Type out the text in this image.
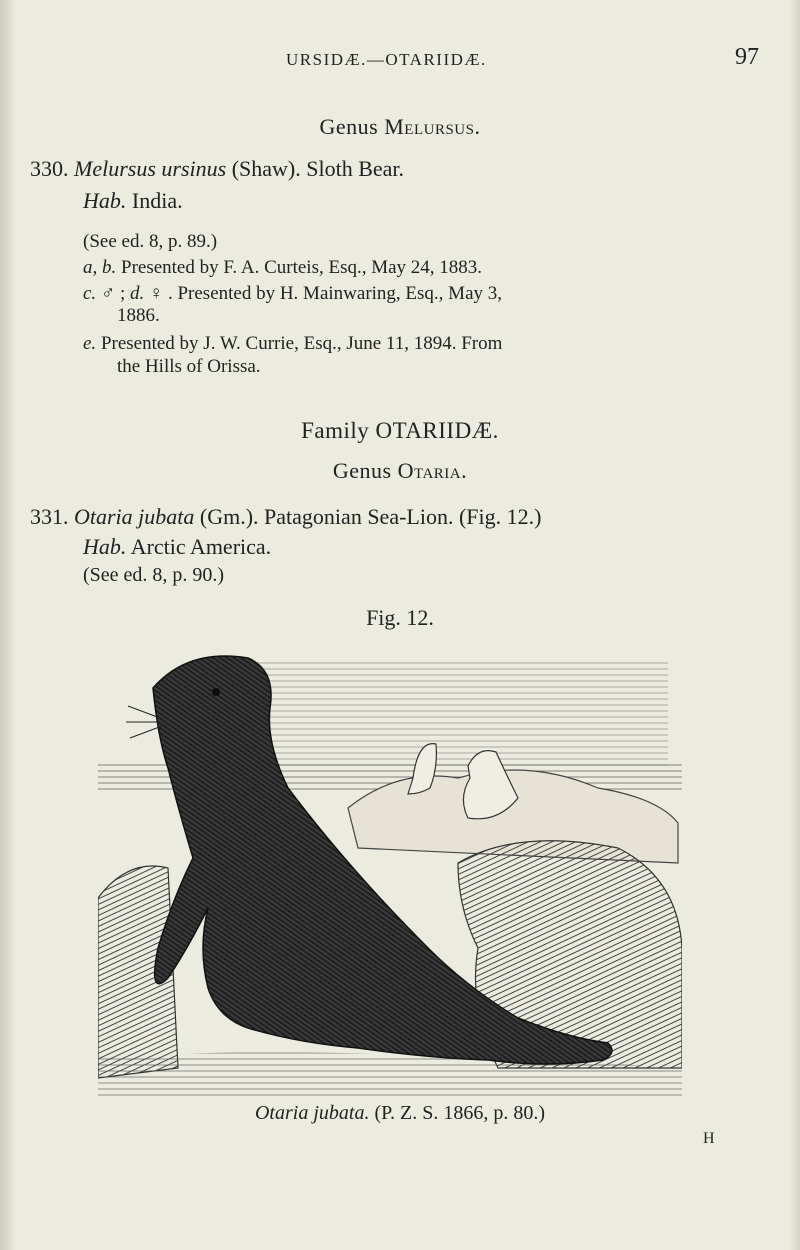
URSIDÆ.—OTARIIDÆ.	97
Genus Melursus.
330. Melursus ursinus (Shaw). Sloth Bear.
Hab. India.
(See ed. 8, p. 89.)
a, b. Presented by F. A. Curteis, Esq., May 24, 1883.
c. ♂ ; d. ♀ . Presented by H. Mainwaring, Esq., May 3,
1886.
e. Presented by J. W. Currie, Esq., June 11, 1894. From
the Hills of Orissa.
Family OTARIIDÆ.
Genus Otaria.
331. Otaria jubata (Gm.). Patagonian Sea-Lion. (Fig. 12.)
Hab. Arctic America.
(See ed. 8, p. 90.)
Fig. 12.
Otaria jubata. (P. Z. S. 1866, p. 80.)
H
